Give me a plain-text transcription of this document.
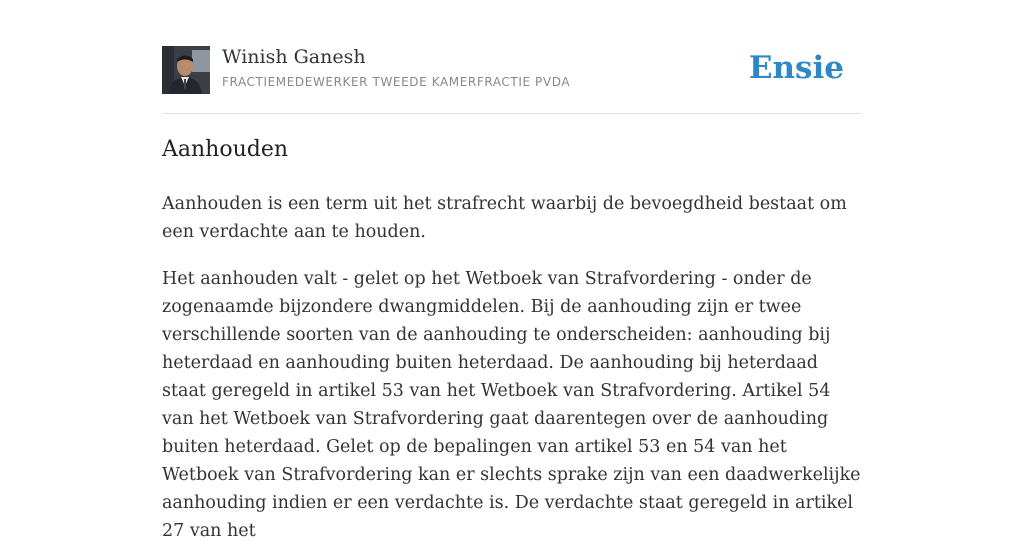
Winish Ganesh
FRACTIEMEDEWERKER TWEEDE KAMERFRACTIE PVDA	Ensie
Aanhouden

Aanhouden is een term uit het strafrecht waarbij de bevoegdheid bestaat om een verdachte aan te houden.

Het aanhouden valt - gelet op het Wetboek van Strafvordering - onder de zogenaamde bijzondere dwangmiddelen. Bij de aanhouding zijn er twee verschillende soorten van de aanhouding te onderscheiden: aanhouding bij heterdaad en aanhouding buiten heterdaad. De aanhouding bij heterdaad staat geregeld in artikel 53 van het Wetboek van Strafvordering. Artikel 54 van het Wetboek van Strafvordering gaat daarentegen over de aanhouding buiten heterdaad. Gelet op de bepalingen van artikel 53 en 54 van het Wetboek van Strafvordering kan er slechts sprake zijn van een daadwerkelijke aanhouding indien er een verdachte is. De verdachte staat geregeld in artikel 27 van het
